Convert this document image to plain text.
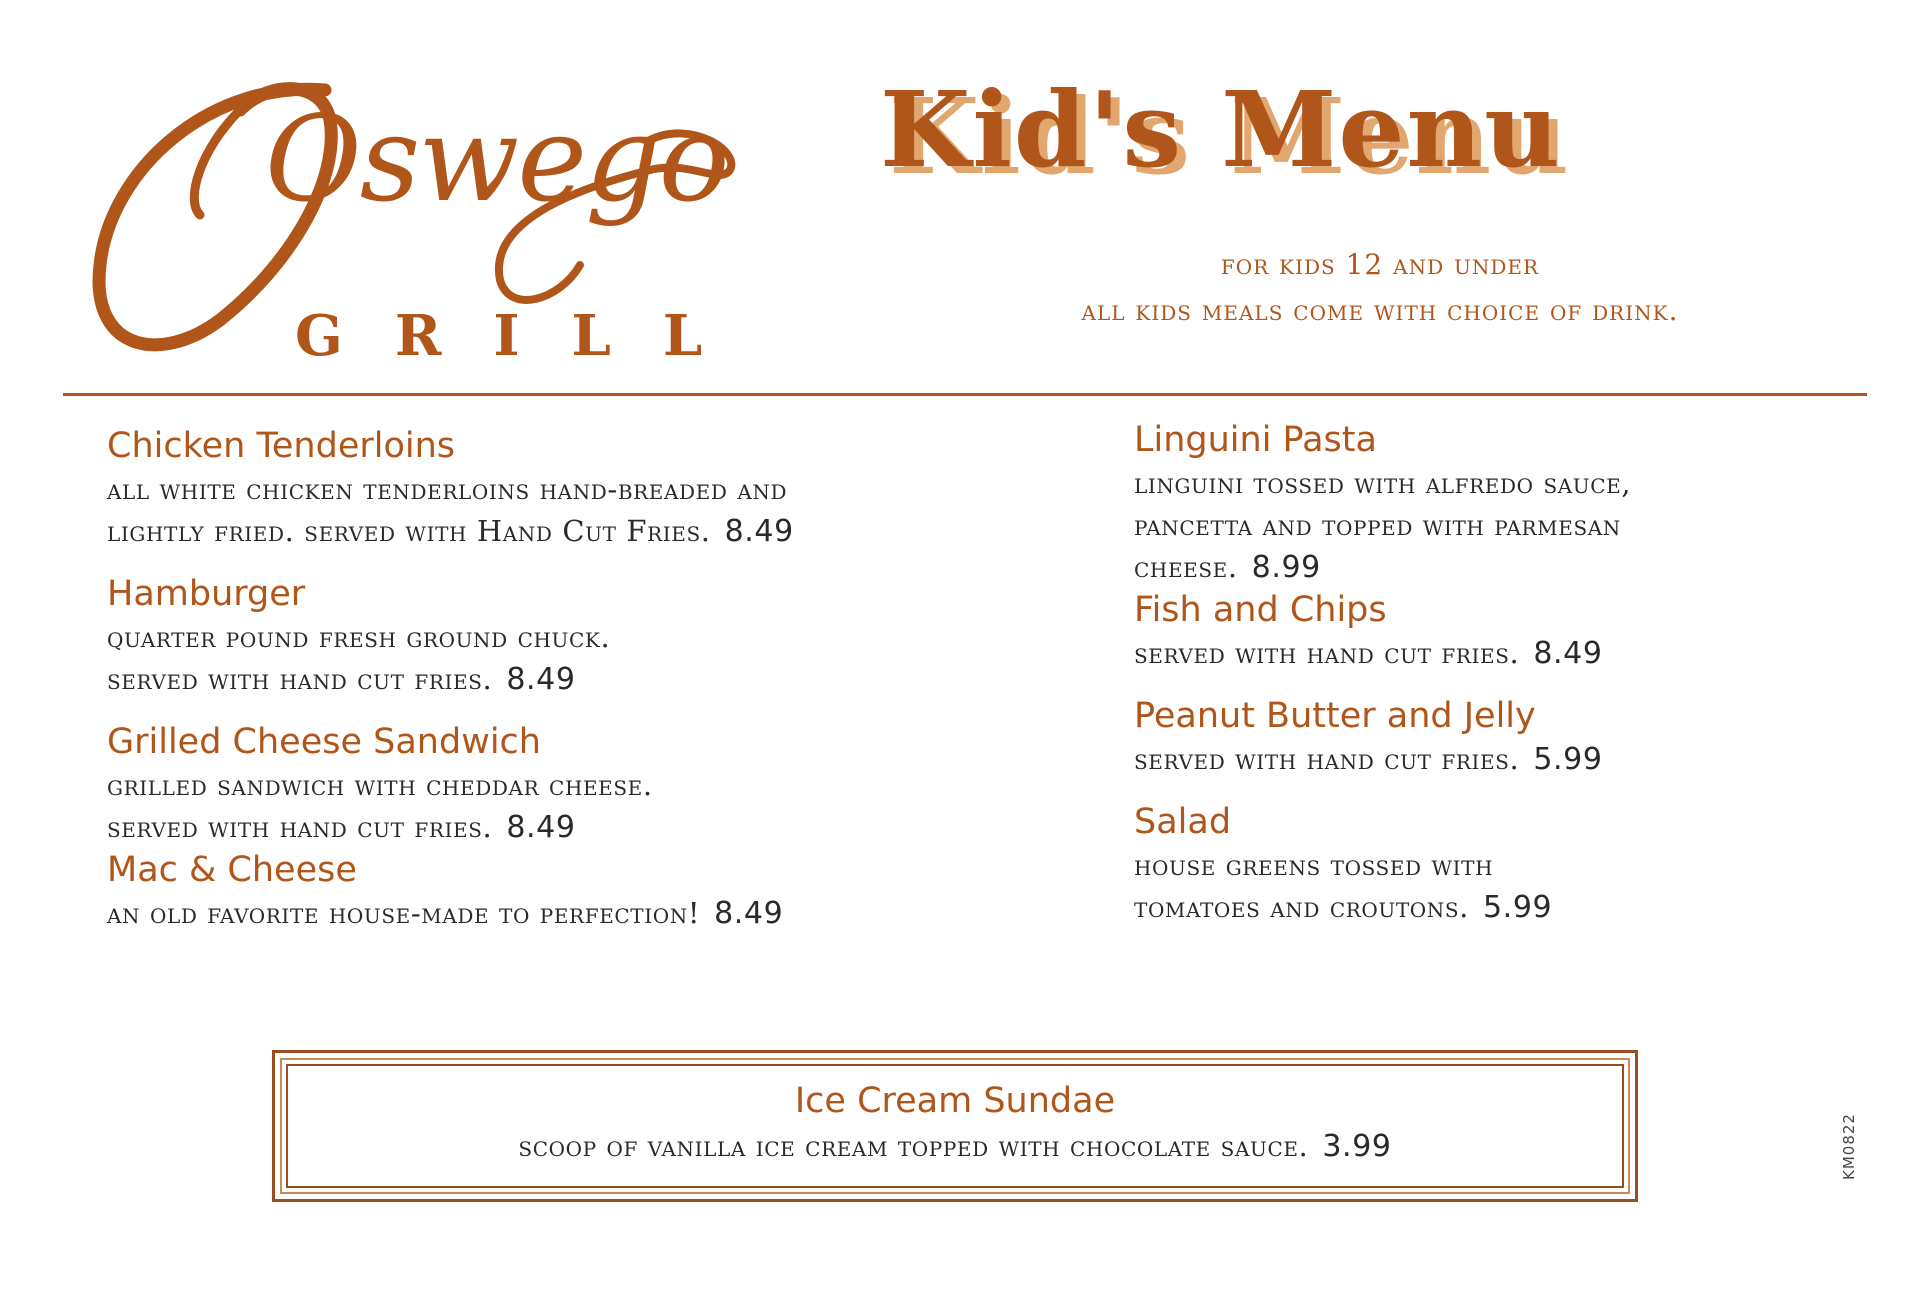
Oswego
GRILL
Kid's Menu
for kids 12 and under
all kids meals come with choice of drink.
Chicken Tenderloins
all white chicken tenderloins hand-breaded and
lightly fried. served with Hand Cut Fries. 8.49
Hamburger
quarter pound fresh ground chuck.
served with hand cut fries. 8.49
Grilled Cheese Sandwich
grilled sandwich with cheddar cheese.
served with hand cut fries. 8.49
Mac & Cheese
an old favorite house-made to perfection! 8.49
Linguini Pasta
linguini tossed with alfredo sauce,
pancetta and topped with parmesan
cheese. 8.99
Fish and Chips
served with hand cut fries. 8.49
Peanut Butter and Jelly
served with hand cut fries. 5.99
Salad
house greens tossed with
tomatoes and croutons. 5.99
Ice Cream Sundae
scoop of vanilla ice cream topped with chocolate sauce. 3.99	KM0822
